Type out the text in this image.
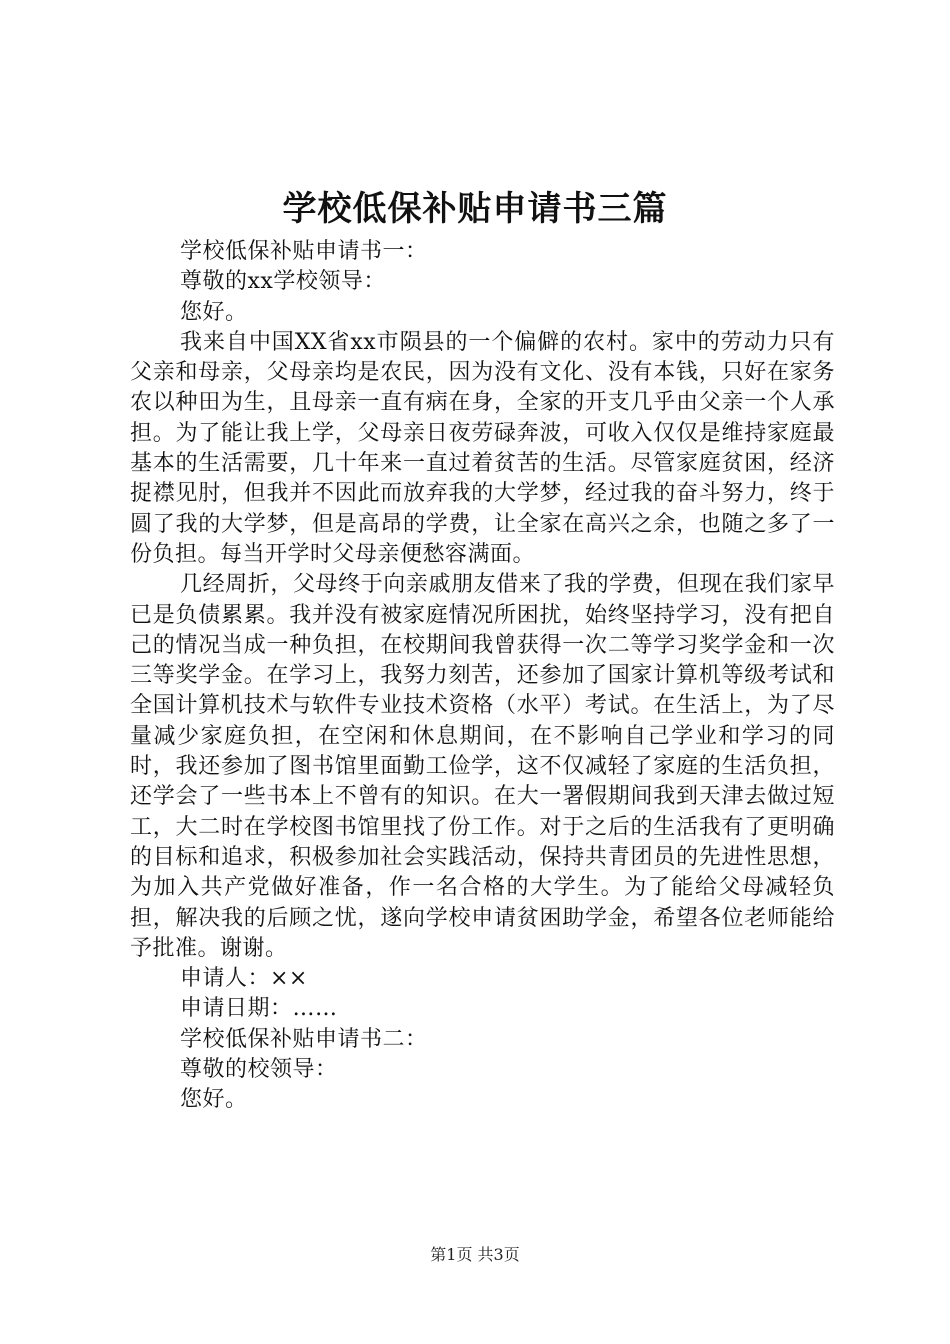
学校低保补贴申请书三篇
学校低保补贴申请书一：
尊敬的xx学校领导：
您好。

我来自中国XX省xx市陨县的一个偏僻的农村。家中的劳动力只有父亲和母亲，父母亲均是农民，因为没有文化、没有本钱，只好在家务农以种田为生，且母亲一直有病在身，全家的开支几乎由父亲一个人承担。为了能让我上学，父母亲日夜劳碌奔波，可收入仅仅是维持家庭最基本的生活需要，几十年来一直过着贫苦的生活。尽管家庭贫困，经济捉襟见肘，但我并不因此而放弃我的大学梦，经过我的奋斗努力，终于圆了我的大学梦，但是高昂的学费，让全家在高兴之余，也随之多了一份负担。每当开学时父母亲便愁容满面。

几经周折，父母终于向亲戚朋友借来了我的学费，但现在我们家早已是负债累累。我并没有被家庭情况所困扰，始终坚持学习，没有把自己的情况当成一种负担，在校期间我曾获得一次二等学习奖学金和一次三等奖学金。在学习上，我努力刻苦，还参加了国家计算机等级考试和全国计算机技术与软件专业技术资格（水平）考试。在生活上，为了尽量减少家庭负担，在空闲和休息期间，在不影响自己学业和学习的同时，我还参加了图书馆里面勤工俭学，这不仅减轻了家庭的生活负担，还学会了一些书本上不曾有的知识。在大一署假期间我到天津去做过短工，大二时在学校图书馆里找了份工作。对于之后的生活我有了更明确的目标和追求，积极参加社会实践活动，保持共青团员的先进性思想，为加入共产党做好准备，作一名合格的大学生。为了能给父母减轻负担，解决我的后顾之忧，遂向学校申请贫困助学金，希望各位老师能给予批准。谢谢。

申请人：××
申请日期：……
学校低保补贴申请书二：
尊敬的校领导：
您好。
第1页 共3页
